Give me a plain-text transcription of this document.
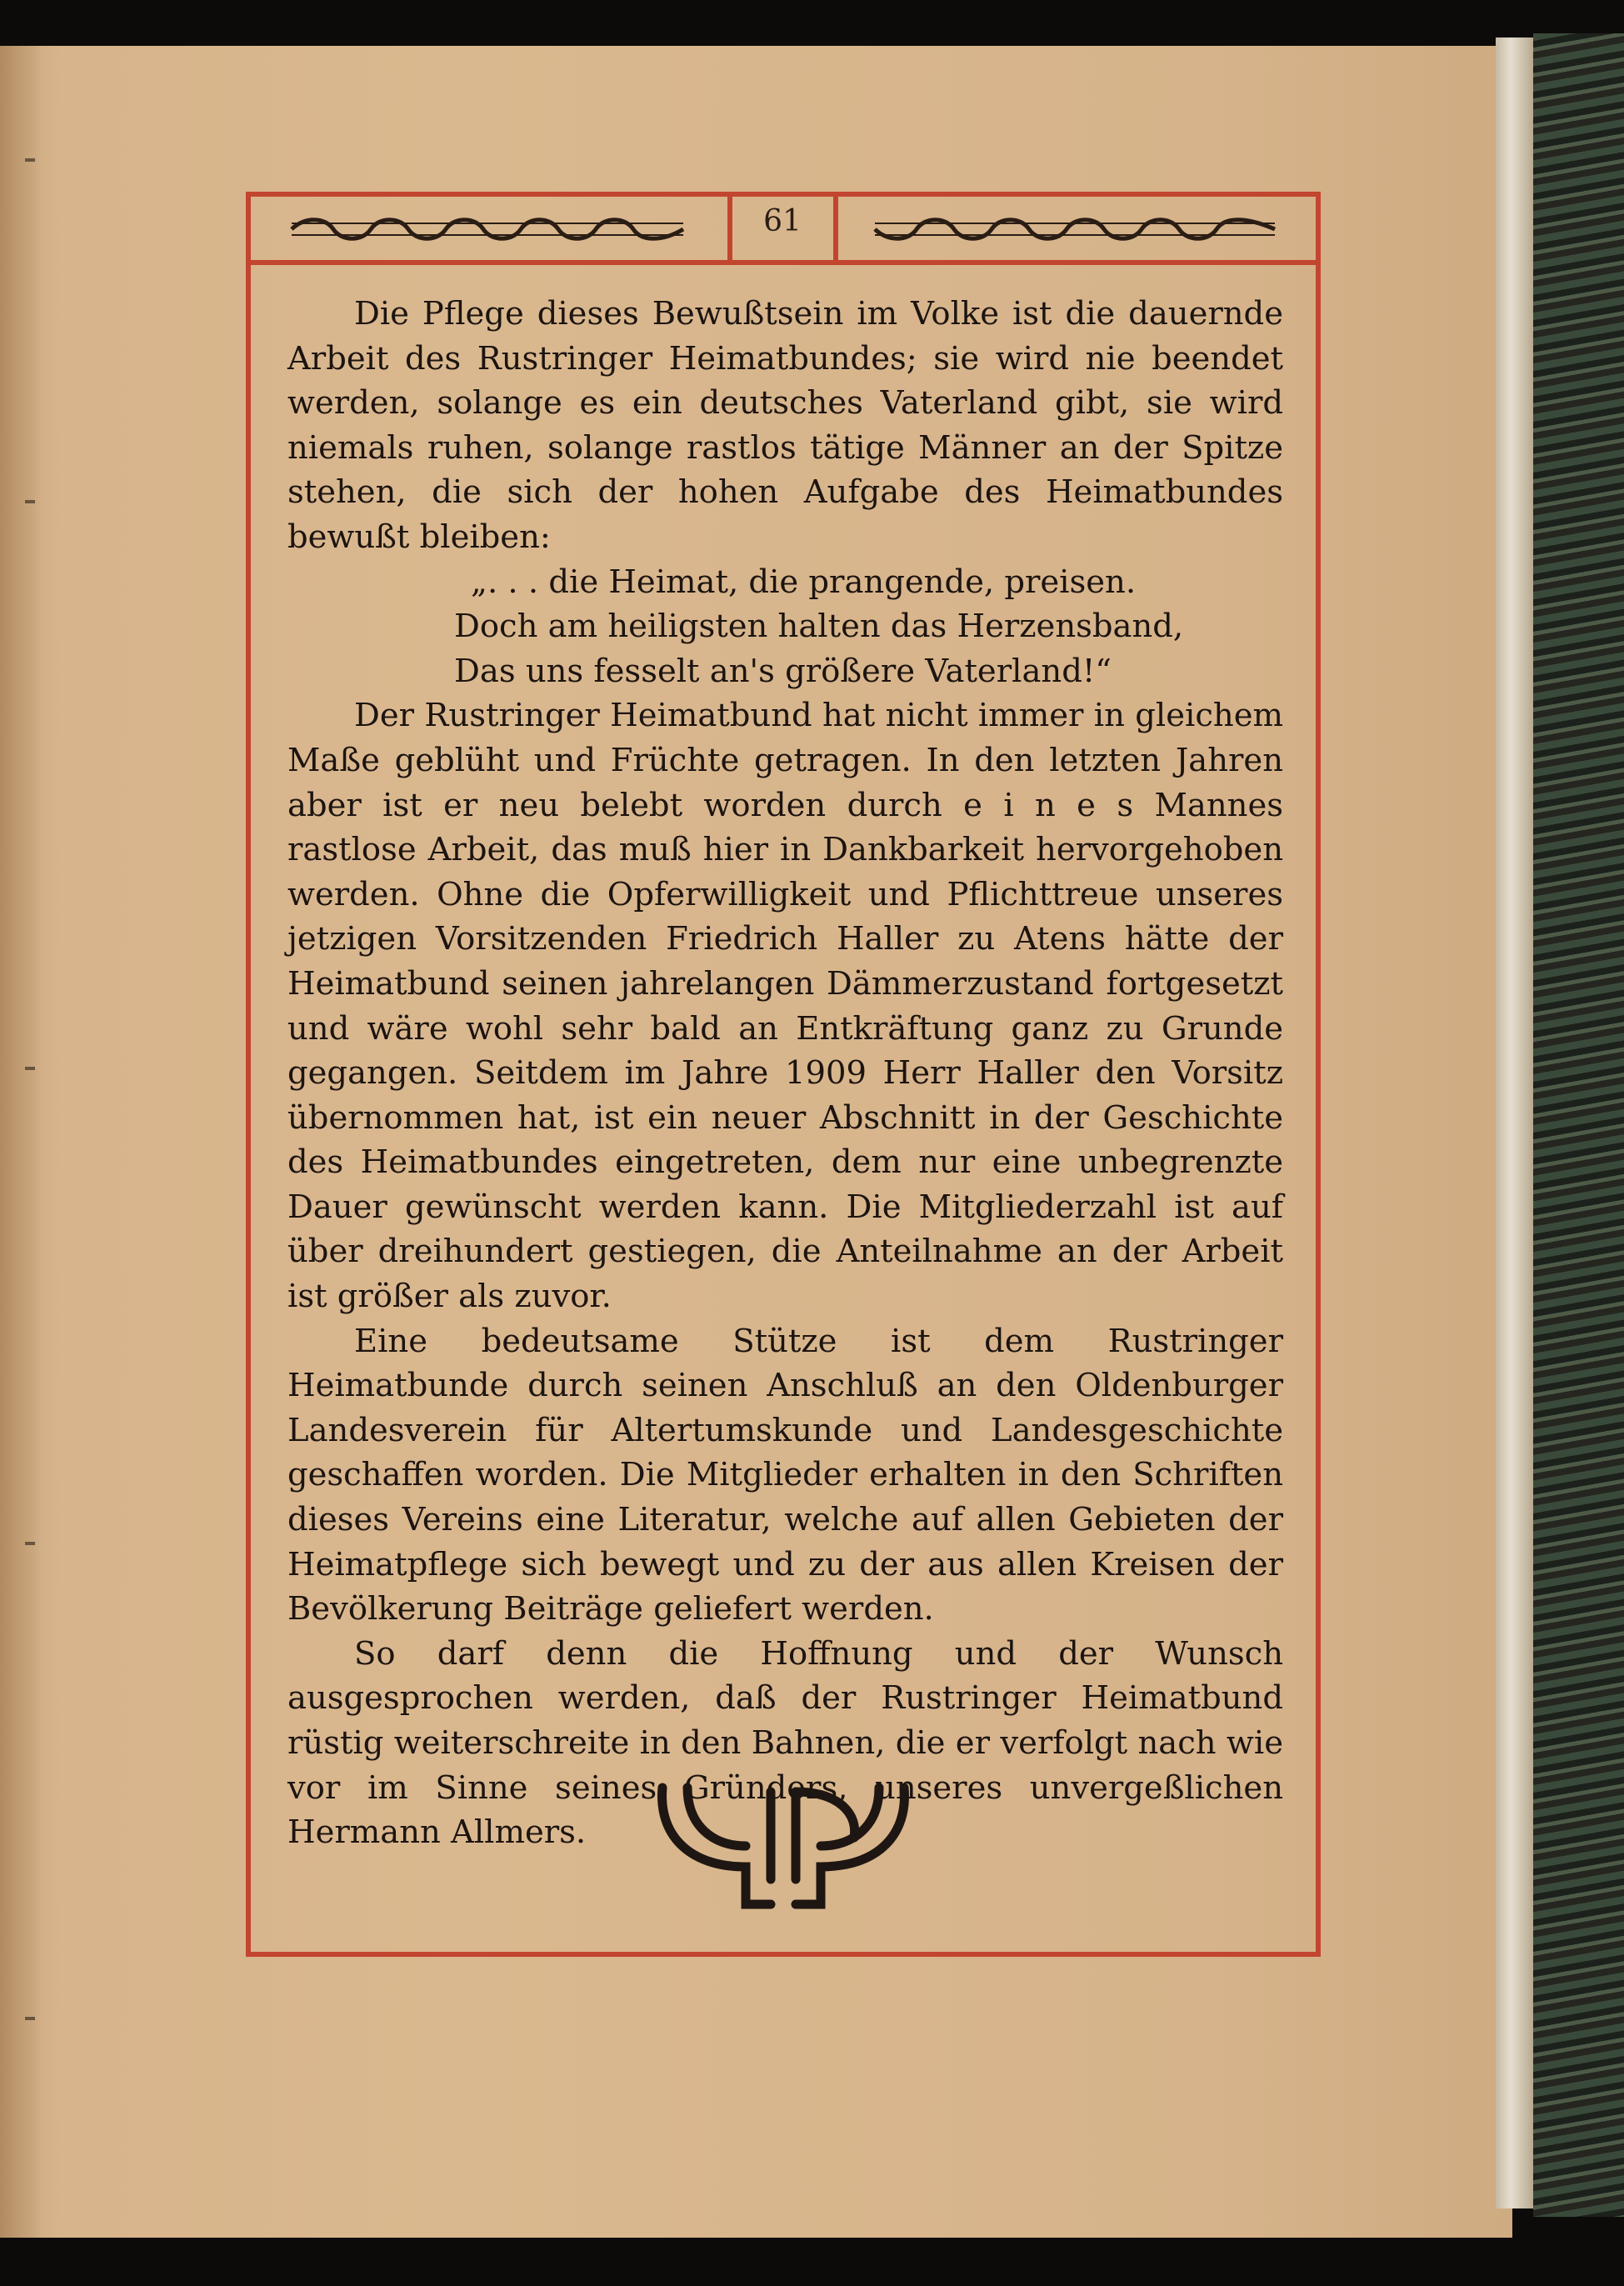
61

Die Pflege dieses Bewußtsein im Volke ist die dauernde Arbeit des Rustringer Heimatbundes; sie wird nie beendet werden, solange es ein deutsches Vaterland gibt, sie wird niemals ruhen, solange rastlos tätige Männer an der Spitze stehen, die sich der hohen Aufgabe des Heimatbundes bewußt bleiben:

„. . . die Heimat, die prangende, preisen.
Doch am heiligsten halten das Herzensband,
Das uns fesselt an's größere Vaterland!“

Der Rustringer Heimatbund hat nicht immer in gleichem Maße geblüht und Früchte getragen. In den letzten Jahren aber ist er neu belebt worden durch e i n e s Mannes rastlose Arbeit, das muß hier in Dankbarkeit hervorgehoben werden. Ohne die Opferwilligkeit und Pflichttreue unseres jetzigen Vorsitzenden Friedrich Haller zu Atens hätte der Heimatbund seinen jahrelangen Dämmerzustand fortgesetzt und wäre wohl sehr bald an Entkräftung ganz zu Grunde gegangen. Seitdem im Jahre 1909 Herr Haller den Vorsitz übernommen hat, ist ein neuer Abschnitt in der Geschichte des Heimatbundes eingetreten, dem nur eine unbegrenzte Dauer gewünscht werden kann. Die Mitgliederzahl ist auf über dreihundert gestiegen, die Anteilnahme an der Arbeit ist größer als zuvor.

Eine bedeutsame Stütze ist dem Rustringer Heimatbunde durch seinen Anschluß an den Oldenburger Landesverein für Altertumskunde und Landesgeschichte geschaffen worden. Die Mitglieder erhalten in den Schriften dieses Vereins eine Literatur, welche auf allen Gebieten der Heimatpflege sich bewegt und zu der aus allen Kreisen der Bevölkerung Beiträge geliefert werden.

So darf denn die Hoffnung und der Wunsch ausgesprochen werden, daß der Rustringer Heimatbund rüstig weiterschreite in den Bahnen, die er verfolgt nach wie vor im Sinne seines Gründers, unseres unvergeßlichen Hermann Allmers.
